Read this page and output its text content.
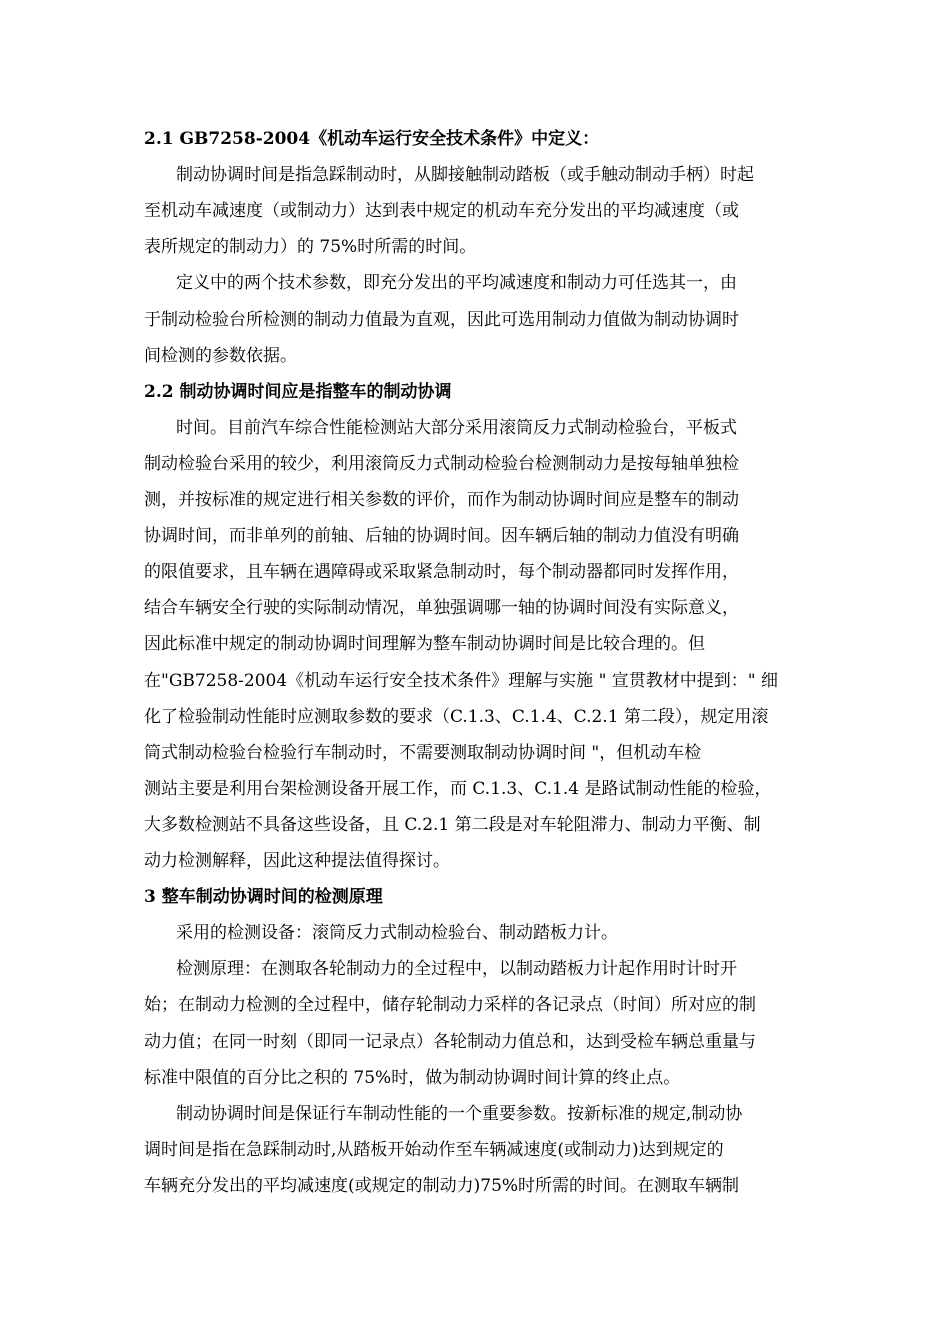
2.1 GB7258-2004《机动车运行安全技术条件》中定义：
制动协调时间是指急踩制动时，从脚接触制动踏板（或手触动制动手柄）时起
至机动车减速度（或制动力）达到表中规定的机动车充分发出的平均减速度（或
表所规定的制动力）的 75%时所需的时间。
定义中的两个技术参数，即充分发出的平均减速度和制动力可任选其一，由
于制动检验台所检测的制动力值最为直观，因此可选用制动力值做为制动协调时
间检测的参数依据。
2.2 制动协调时间应是指整车的制动协调
时间。目前汽车综合性能检测站大部分采用滚筒反力式制动检验台，平板式
制动检验台采用的较少，利用滚筒反力式制动检验台检测制动力是按每轴单独检
测，并按标准的规定进行相关参数的评价，而作为制动协调时间应是整车的制动
协调时间，而非单列的前轴、后轴的协调时间。因车辆后轴的制动力值没有明确
的限值要求，且车辆在遇障碍或采取紧急制动时，每个制动器都同时发挥作用，
结合车辆安全行驶的实际制动情况，单独强调哪一轴的协调时间没有实际意义，
因此标准中规定的制动协调时间理解为整车制动协调时间是比较合理的。但
在"GB7258-2004《机动车运行安全技术条件》理解与实施 " 宣贯教材中提到：" 细
化了检验制动性能时应测取参数的要求（C.1.3、C.1.4、C.2.1 第二段），规定用滚
筒式制动检验台检验行车制动时，不需要测取制动协调时间 "，但机动车检
测站主要是利用台架检测设备开展工作，而 C.1.3、C.1.4 是路试制动性能的检验，
大多数检测站不具备这些设备，且 C.2.1 第二段是对车轮阻滞力、制动力平衡、制
动力检测解释，因此这种提法值得探讨。
3 整车制动协调时间的检测原理
采用的检测设备：滚筒反力式制动检验台、制动踏板力计。
检测原理：在测取各轮制动力的全过程中，以制动踏板力计起作用时计时开
始；在制动力检测的全过程中，储存轮制动力采样的各记录点（时间）所对应的制
动力值；在同一时刻（即同一记录点）各轮制动力值总和，达到受检车辆总重量与
标准中限值的百分比之积的 75%时，做为制动协调时间计算的终止点。
制动协调时间是保证行车制动性能的一个重要参数。按新标准的规定,制动协
调时间是指在急踩制动时,从踏板开始动作至车辆减速度(或制动力)达到规定的
车辆充分发出的平均减速度(或规定的制动力)75%时所需的时间。在测取车辆制
